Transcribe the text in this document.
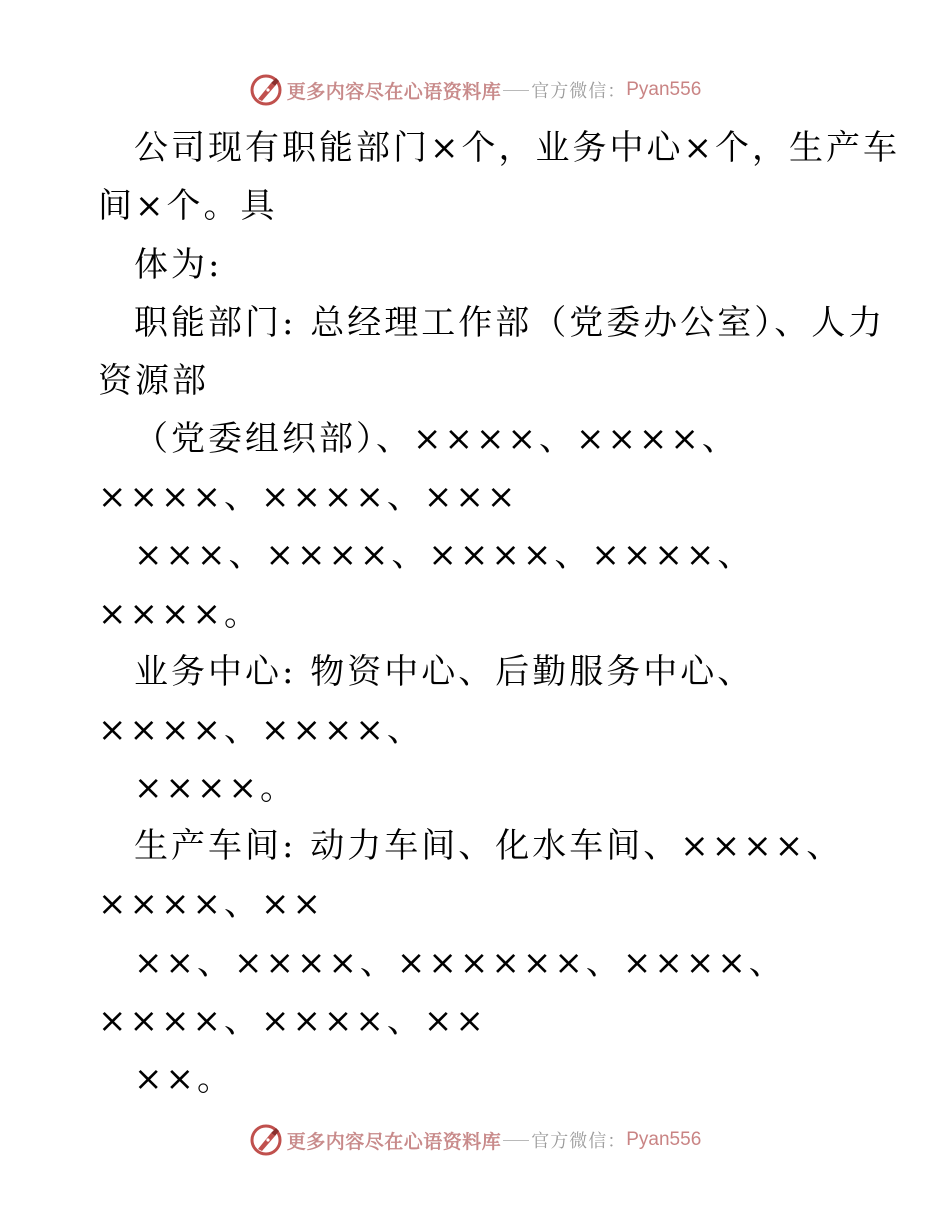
更多内容尽在心语资料库 官方微信： Pyan556
公司现有职能部门×个，业务中心×个，生产车
间×个。具
体为:
职能部门: 总经理工作部（党委办公室）、人力
资源部
（党委组织部）、××××、××××、
××××、××××、×××
×××、××××、××××、××××、
××××。
业务中心: 物资中心、后勤服务中心、
××××、××××、
××××。
生产车间: 动力车间、化水车间、××××、
××××、××
××、××××、××××××、××××、
××××、××××、××
××。
更多内容尽在心语资料库 官方微信： Pyan556
